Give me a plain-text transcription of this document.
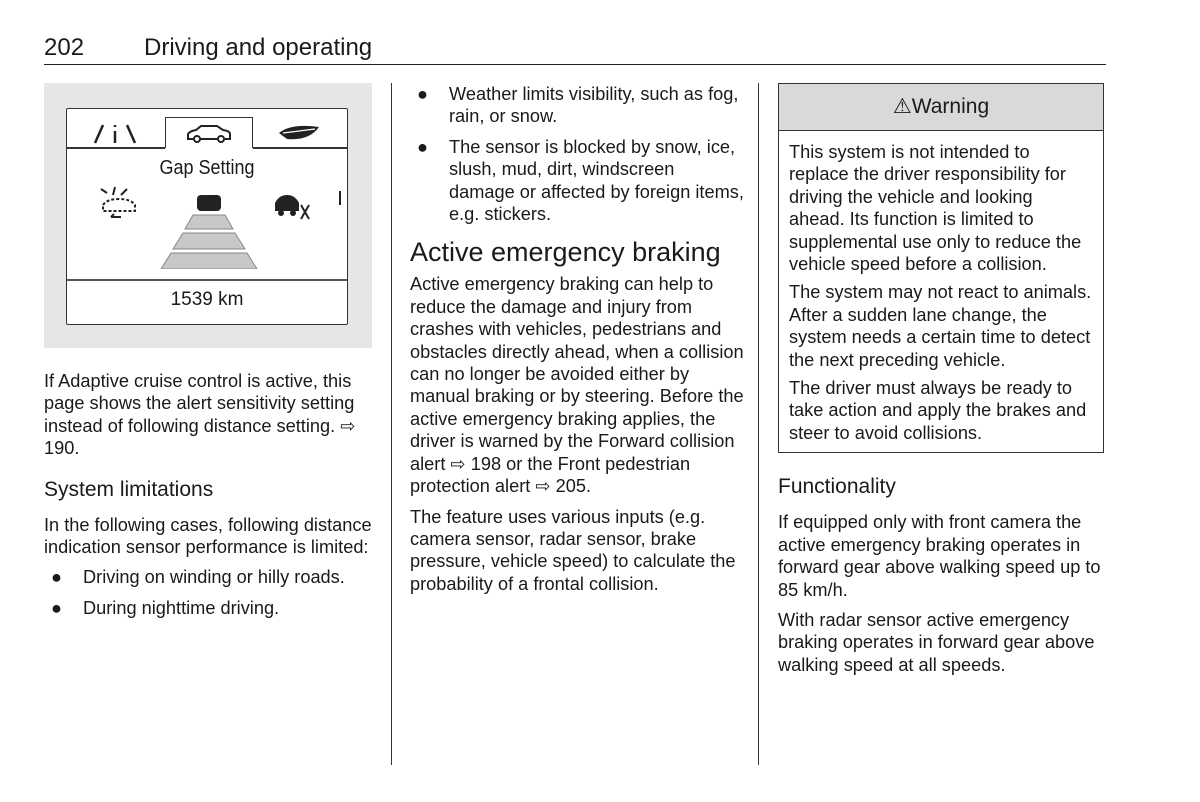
202 Driving and operating
Gap Setting
1539 km

If Adaptive cruise control is active, this page shows the alert sensitivity setting instead of following distance setting. ⇨ 190.

System limitations

In the following cases, following distance indication sensor performance is limited:

● Driving on winding or hilly roads.
● During nighttime driving.
● Weather limits visibility, such as fog, rain, or snow.
● The sensor is blocked by snow, ice, slush, mud, dirt, windscreen damage or affected by foreign items, e.g. stickers.
Active emergency braking

Active emergency braking can help to reduce the damage and injury from crashes with vehicles, pedestrians and obstacles directly ahead, when a collision can no longer be avoided either by manual braking or by steering. Before the active emergency braking applies, the driver is warned by the Forward collision alert ⇨ 198 or the Front pedestrian protection alert ⇨ 205.

The feature uses various inputs (e.g. camera sensor, radar sensor, brake pressure, vehicle speed) to calculate the probability of a frontal collision.

⚠Warning

This system is not intended to replace the driver responsibility for driving the vehicle and looking ahead. Its function is limited to supplemental use only to reduce the vehicle speed before a collision.

The system may not react to animals. After a sudden lane change, the system needs a certain time to detect the next preceding vehicle.

The driver must always be ready to take action and apply the brakes and steer to avoid collisions.

Functionality

If equipped only with front camera the active emergency braking operates in forward gear above walking speed up to 85 km/h.

With radar sensor active emergency braking operates in forward gear above walking speed at all speeds.
